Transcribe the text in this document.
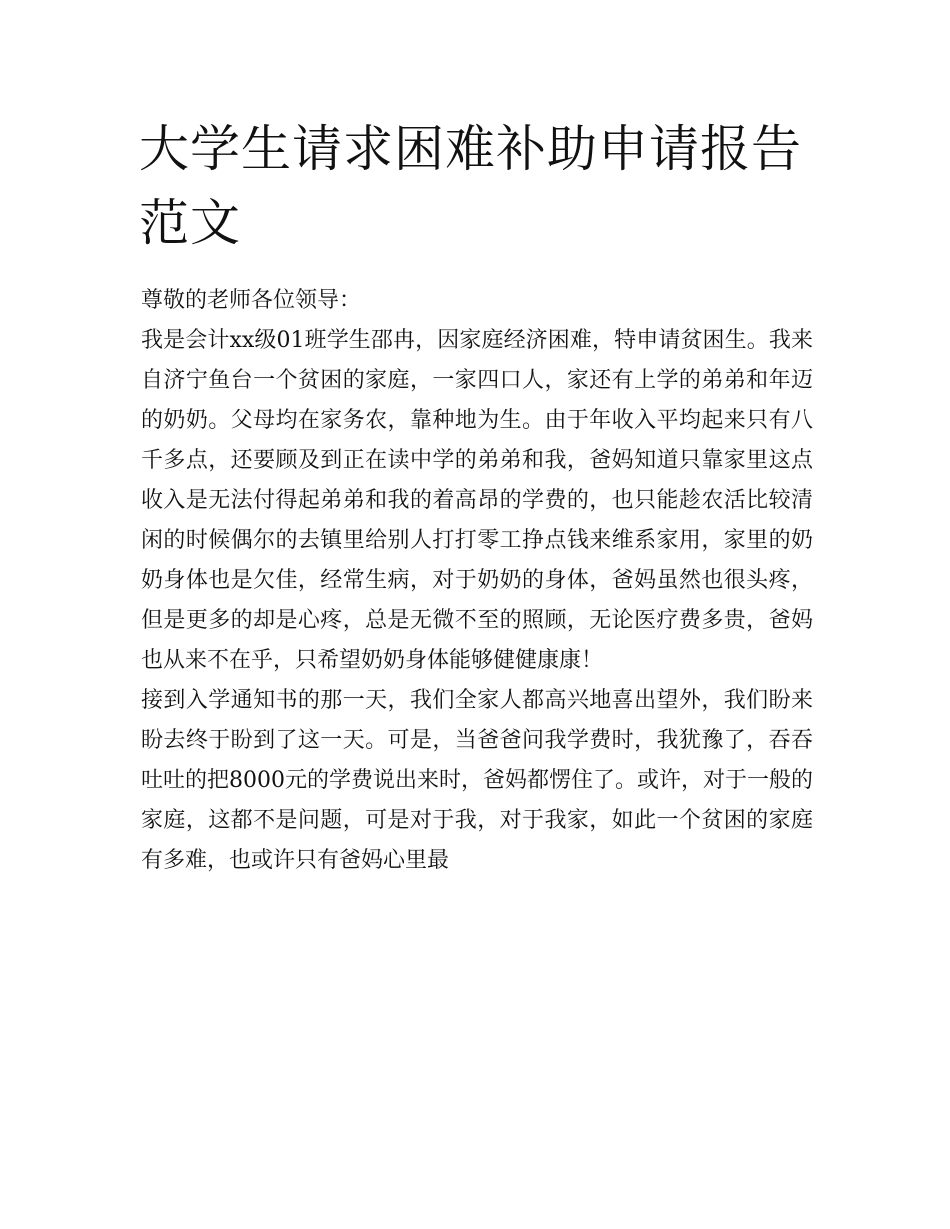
大学生请求困难补助申请报告范文

尊敬的老师各位领导：

我是会计xx级01班学生邵冉，因家庭经济困难，特申请贫困生。我来自济宁鱼台一个贫困的家庭，一家四口人，家还有上学的弟弟和年迈的奶奶。父母均在家务农，靠种地为生。由于年收入平均起来只有八千多点，还要顾及到正在读中学的弟弟和我，爸妈知道只靠家里这点收入是无法付得起弟弟和我的着高昂的学费的，也只能趁农活比较清闲的时候偶尔的去镇里给别人打打零工挣点钱来维系家用，家里的奶奶身体也是欠佳，经常生病，对于奶奶的身体，爸妈虽然也很头疼，但是更多的却是心疼，总是无微不至的照顾，无论医疗费多贵，爸妈也从来不在乎，只希望奶奶身体能够健健康康！

接到入学通知书的那一天，我们全家人都高兴地喜出望外，我们盼来盼去终于盼到了这一天。可是，当爸爸问我学费时，我犹豫了，吞吞吐吐的把8000元的学费说出来时，爸妈都愣住了。或许，对于一般的家庭，这都不是问题，可是对于我，对于我家，如此一个贫困的家庭有多难，也或许只有爸妈心里最
